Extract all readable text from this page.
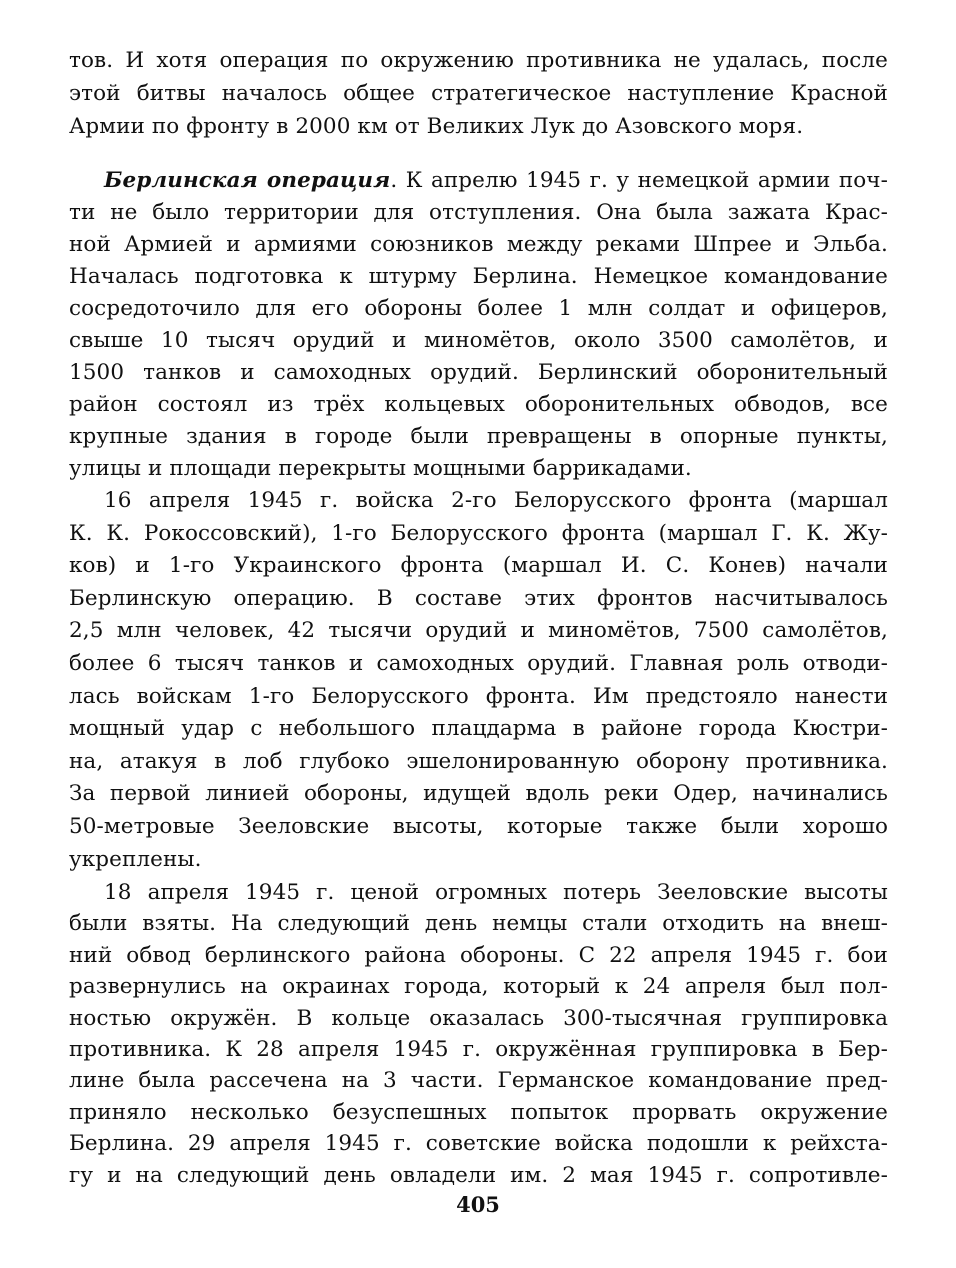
тов. И хотя операция по окружению противника не удалась, после
этой битвы началось общее стратегическое наступление Красной
Армии по фронту в 2000 км от Великих Лук до Азовского моря.
Берлинская операция. К апрелю 1945 г. у немецкой армии поч-
ти не было территории для отступления. Она была зажата Крас-
ной Армией и армиями союзников между реками Шпрее и Эльба.
Началась подготовка к штурму Берлина. Немецкое командование
сосредоточило для его обороны более 1 млн солдат и офицеров,
свыше 10 тысяч орудий и миномётов, около 3500 самолётов, и
1500 танков и самоходных орудий. Берлинский оборонительный
район состоял из трёх кольцевых оборонительных обводов, все
крупные здания в городе были превращены в опорные пункты,
улицы и площади перекрыты мощными баррикадами.
16 апреля 1945 г. войска 2-го Белорусского фронта (маршал
К. К. Рокоссовский), 1-го Белорусского фронта (маршал Г. К. Жу-
ков) и 1-го Украинского фронта (маршал И. С. Конев) начали
Берлинскую операцию. В составе этих фронтов насчитывалось
2,5 млн человек, 42 тысячи орудий и миномётов, 7500 самолётов,
более 6 тысяч танков и самоходных орудий. Главная роль отводи-
лась войскам 1-го Белорусского фронта. Им предстояло нанести
мощный удар с небольшого плацдарма в районе города Кюстри-
на, атакуя в лоб глубоко эшелонированную оборону противника.
За первой линией обороны, идущей вдоль реки Одер, начинались
50-метровые Зееловские высоты, которые также были хорошо
укреплены.
18 апреля 1945 г. ценой огромных потерь Зееловские высоты
были взяты. На следующий день немцы стали отходить на внеш-
ний обвод берлинского района обороны. С 22 апреля 1945 г. бои
развернулись на окраинах города, который к 24 апреля был пол-
ностью окружён. В кольце оказалась 300-тысячная группировка
противника. К 28 апреля 1945 г. окружённая группировка в Бер-
лине была рассечена на 3 части. Германское командование пред-
приняло несколько безуспешных попыток прорвать окружение
Берлина. 29 апреля 1945 г. советские войска подошли к рейхста-
гу и на следующий день овладели им. 2 мая 1945 г. сопротивле-
405
